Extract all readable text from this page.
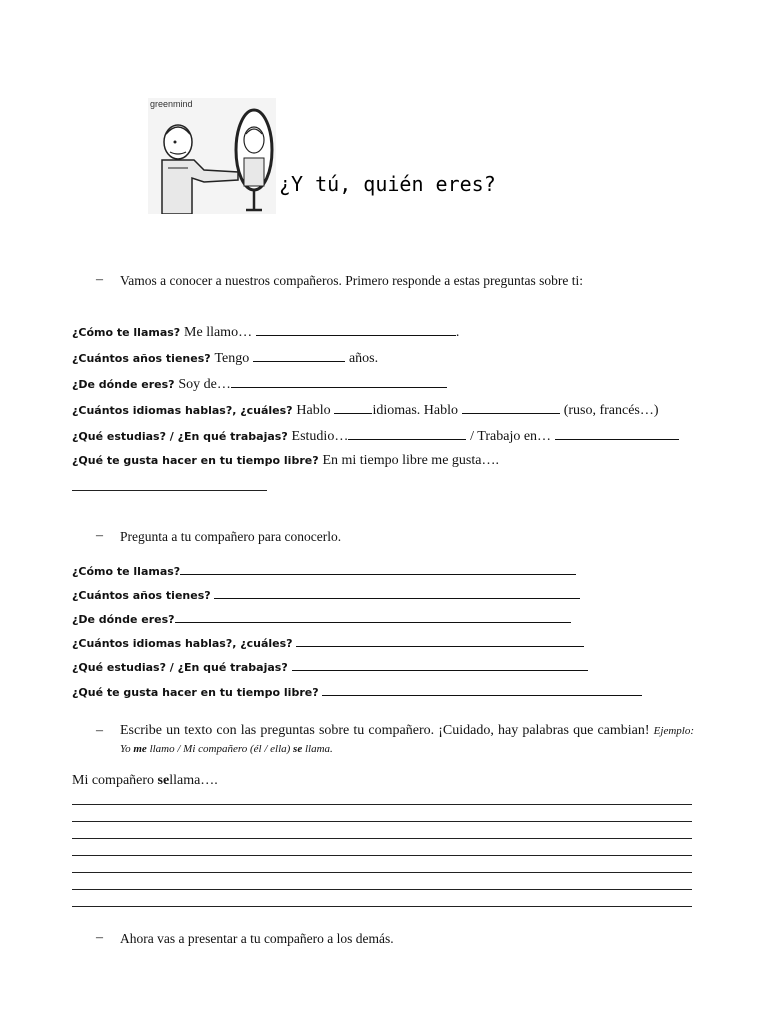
greenmind
¿Y tú, quién eres?
– Vamos a conocer a nuestros compañeros. Primero responde a estas preguntas sobre ti:
¿Cómo te llamas? Me llamo…	.
¿Cuántos años tienes? Tengo	años.
¿De dónde eres? Soy de…
¿Cuántos idiomas hablas?, ¿cuáles? Hablo	idiomas. Hablo	(ruso, francés…)
¿Qué estudias? / ¿En qué trabajas? Estudio…	/ Trabajo en…
¿Qué te gusta hacer en tu tiempo libre? En mi tiempo libre me gusta….
– Pregunta a tu compañero para conocerlo.
¿Cómo te llamas?
¿Cuántos años tienes?
¿De dónde eres?
¿Cuántos idiomas hablas?, ¿cuáles?
¿Qué estudias? / ¿En qué trabajas?
¿Qué te gusta hacer en tu tiempo libre?
– Escribe un texto con las preguntas sobre tu compañero. ¡Cuidado, hay palabras que cambian! Ejemplo: Yo me llamo / Mi compañero (él / ella) se llama.
Mi compañero sellama….
– Ahora vas a presentar a tu compañero a los demás.
